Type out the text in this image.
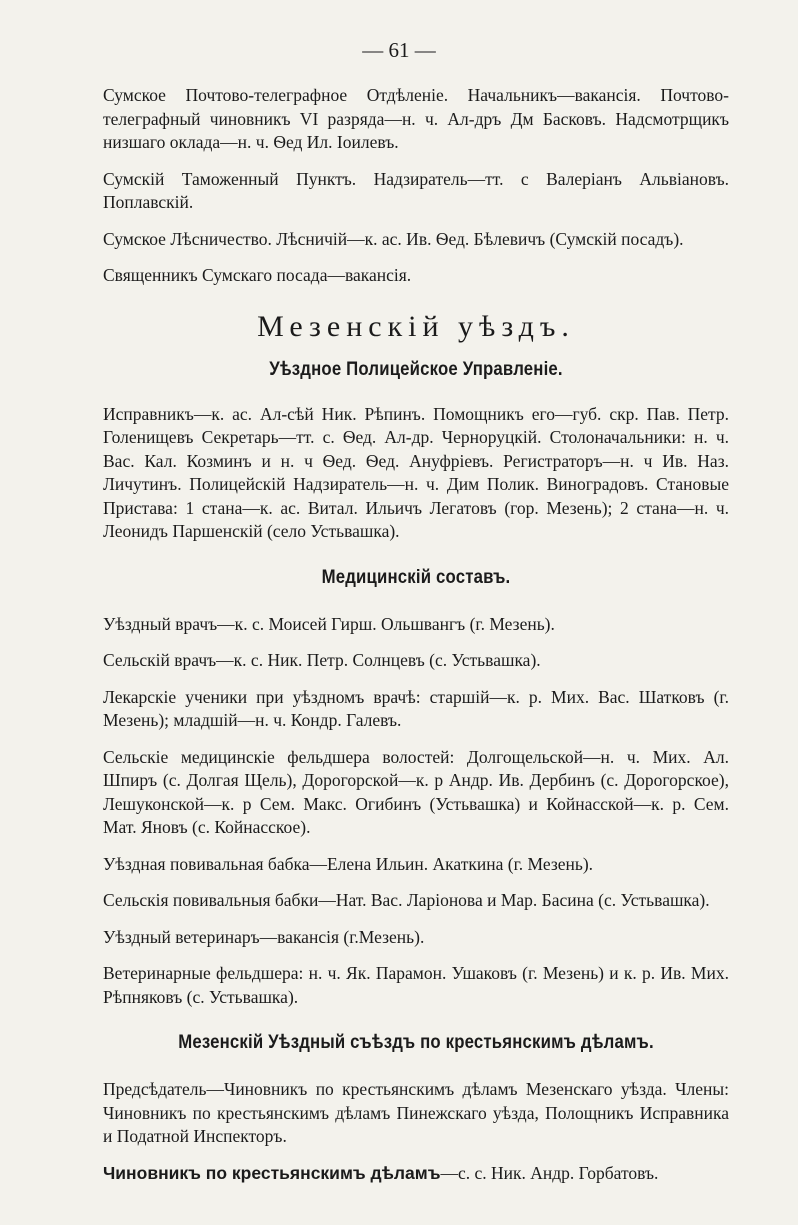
— 61 —

Сумское Почтово-телеграфное Отдѣленіе. Начальникъ—вакансія. Почтово-телеграфный чиновникъ VI разряда—н. ч. Ал-дръ Дм Басковъ. Надсмотрщикъ низшаго оклада—н. ч. Ѳед Ил. Іоилевъ.

Сумскій Таможенный Пунктъ. Надзиратель—тт. с Валеріанъ Альвіановъ. Поплавскій.

Сумское Лѣсничество. Лѣсничій—к. ас. Ив. Ѳед. Бѣлевичъ (Сумскій посадъ).

Священникъ Сумскаго посада—вакансія.

Мезенскій уѣздъ.
Уѣздное Полицейское Управленіе.

Исправникъ—к. ас. Ал-сѣй Ник. Рѣпинъ. Помощникъ его—губ. скр. Пав. Петр. Голенищевъ Секретарь—тт. с. Ѳед. Ал-др. Черноруцкій. Столоначальники: н. ч. Вас. Кал. Козминъ и н. ч Ѳед. Ѳед. Ануфріевъ. Регистраторъ—н. ч Ив. Наз. Личутинъ. Полицейскій Надзиратель—н. ч. Дим Полик. Виноградовъ. Становые Пристава: 1 стана—к. ас. Витал. Ильичъ Легатовъ (гор. Мезень); 2 стана—н. ч. Леонидъ Паршенскій (село Устьвашка).

Медицинскій составъ.

Уѣздный врачъ—к. с. Моисей Гирш. Ольшвангъ (г. Мезень).

Сельскій врачъ—к. с. Ник. Петр. Солнцевъ (с. Устьвашка).

Лекарскіе ученики при уѣздномъ врачѣ: старшій—к. р. Мих. Вас. Шатковъ (г. Мезень); младшій—н. ч. Кондр. Галевъ.

Сельскіе медицинскіе фельдшера волостей: Долгощельской—н. ч. Мих. Ал. Шпиръ (с. Долгая Щель), Дорогорской—к. р Андр. Ив. Дербинъ (с. Дорогорское), Лешуконской—к. р Сем. Макс. Огибинъ (Устьвашка) и Койнасской—к. р. Сем. Мат. Яновъ (с. Койнасское).

Уѣздная повивальная бабка—Елена Ильин. Акаткина (г. Мезень).

Сельскія повивальныя бабки—Нат. Вас. Ларіонова и Мар. Басина (с. Устьвашка).

Уѣздный ветеринаръ—вакансія (г.Мезень).

Ветеринарные фельдшера: н. ч. Як. Парамон. Ушаковъ (г. Мезень) и к. р. Ив. Мих. Рѣпняковъ (с. Устьвашка).

Мезенскій Уѣздный съѣздъ по крестьянскимъ дѣламъ.

Предсѣдатель—Чиновникъ по крестьянскимъ дѣламъ Мезенскаго уѣзда. Члены: Чиновникъ по крестьянскимъ дѣламъ Пинежскаго уѣзда, Полощникъ Исправника и Податной Инспекторъ.

Чиновникъ по крестьянскимъ дѣламъ—с. с. Ник. Андр. Горбатовъ.
